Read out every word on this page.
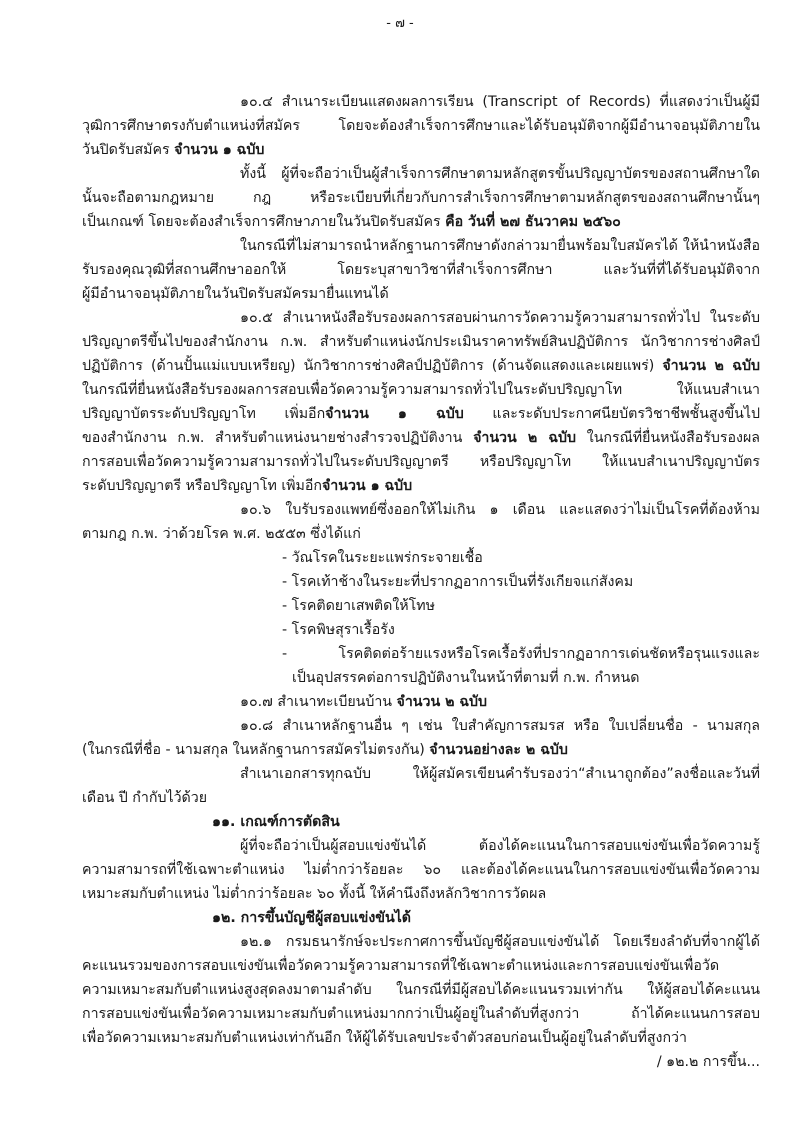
- ๗ -
๑๐.๔ สำเนาระเบียนแสดงผลการเรียน (Transcript of Records) ที่แสดงว่าเป็นผู้มี
วุฒิการศึกษาตรงกับตำแหน่งที่สมัคร โดยจะต้องสำเร็จการศึกษาและได้รับอนุมัติจากผู้มีอำนาจอนุมัติภายใน
วันปิดรับสมัคร จำนวน ๑ ฉบับ
ทั้งนี้ ผู้ที่จะถือว่าเป็นผู้สำเร็จการศึกษาตามหลักสูตรขั้นปริญญาบัตรของสถานศึกษาใด
นั้นจะถือตามกฎหมาย กฎ หรือระเบียบที่เกี่ยวกับการสำเร็จการศึกษาตามหลักสูตรของสถานศึกษานั้นๆ
เป็นเกณฑ์ โดยจะต้องสำเร็จการศึกษาภายในวันปิดรับสมัคร คือ วันที่ ๒๗ ธันวาคม ๒๕๖๐
ในกรณีที่ไม่สามารถนำหลักฐานการศึกษาดังกล่าวมายื่นพร้อมใบสมัครได้ ให้นำหนังสือ
รับรองคุณวุฒิที่สถานศึกษาออกให้ โดยระบุสาขาวิชาที่สำเร็จการศึกษา และวันที่ที่ได้รับอนุมัติจาก
ผู้มีอำนาจอนุมัติภายในวันปิดรับสมัครมายื่นแทนได้
๑๐.๕ สำเนาหนังสือรับรองผลการสอบผ่านการวัดความรู้ความสามารถทั่วไป ในระดับ
ปริญญาตรีขึ้นไปของสำนักงาน ก.พ. สำหรับตำแหน่งนักประเมินราคาทรัพย์สินปฏิบัติการ นักวิชาการช่างศิลป์
ปฏิบัติการ (ด้านปั้นแม่แบบเหรียญ) นักวิชาการช่างศิลป์ปฏิบัติการ (ด้านจัดแสดงและเผยแพร่) จำนวน ๒ ฉบับ
ในกรณีที่ยื่นหนังสือรับรองผลการสอบเพื่อวัดความรู้ความสามารถทั่วไปในระดับปริญญาโท ให้แนบสำเนา
ปริญญาบัตรระดับปริญญาโท เพิ่มอีกจำนวน ๑ ฉบับ และระดับประกาศนียบัตรวิชาชีพชั้นสูงขึ้นไป
ของสำนักงาน ก.พ. สำหรับตำแหน่งนายช่างสำรวจปฏิบัติงาน จำนวน ๒ ฉบับ ในกรณีที่ยื่นหนังสือรับรองผล
การสอบเพื่อวัดความรู้ความสามารถทั่วไปในระดับปริญญาตรี หรือปริญญาโท ให้แนบสำเนาปริญญาบัตร
ระดับปริญญาตรี หรือปริญญาโท เพิ่มอีกจำนวน ๑ ฉบับ
๑๐.๖ ใบรับรองแพทย์ซึ่งออกให้ไม่เกิน ๑ เดือน และแสดงว่าไม่เป็นโรคที่ต้องห้าม
ตามกฎ ก.พ. ว่าด้วยโรค พ.ศ. ๒๕๕๓ ซึ่งได้แก่
- วัณโรคในระยะแพร่กระจายเชื้อ
- โรคเท้าช้างในระยะที่ปรากฏอาการเป็นที่รังเกียจแก่สังคม
- โรคติดยาเสพติดให้โทษ
- โรคพิษสุราเรื้อรัง
- โรคติดต่อร้ายแรงหรือโรคเรื้อรังที่ปรากฏอาการเด่นชัดหรือรุนแรงและ
เป็นอุปสรรคต่อการปฏิบัติงานในหน้าที่ตามที่ ก.พ. กำหนด
๑๐.๗ สำเนาทะเบียนบ้าน จำนวน ๒ ฉบับ
๑๐.๘ สำเนาหลักฐานอื่น ๆ เช่น ใบสำคัญการสมรส หรือ ใบเปลี่ยนชื่อ - นามสกุล
(ในกรณีที่ชื่อ - นามสกุล ในหลักฐานการสมัครไม่ตรงกัน) จำนวนอย่างละ ๒ ฉบับ
สำเนาเอกสารทุกฉบับ ให้ผู้สมัครเขียนคำรับรองว่า“สำเนาถูกต้อง”ลงชื่อและวันที่
เดือน ปี กำกับไว้ด้วย
๑๑. เกณฑ์การตัดสิน
ผู้ที่จะถือว่าเป็นผู้สอบแข่งขันได้ ต้องได้คะแนนในการสอบแข่งขันเพื่อวัดความรู้
ความสามารถที่ใช้เฉพาะตำแหน่ง ไม่ต่ำกว่าร้อยละ ๖๐ และต้องได้คะแนนในการสอบแข่งขันเพื่อวัดความ
เหมาะสมกับตำแหน่ง ไม่ต่ำกว่าร้อยละ ๖๐ ทั้งนี้ ให้คำนึงถึงหลักวิชาการวัดผล
๑๒. การขึ้นบัญชีผู้สอบแข่งขันได้
๑๒.๑ กรมธนารักษ์จะประกาศการขึ้นบัญชีผู้สอบแข่งขันได้ โดยเรียงลำดับที่จากผู้ได้
คะแนนรวมของการสอบแข่งขันเพื่อวัดความรู้ความสามารถที่ใช้เฉพาะตำแหน่งและการสอบแข่งขันเพื่อวัด
ความเหมาะสมกับตำแหน่งสูงสุดลงมาตามลำดับ ในกรณีที่มีผู้สอบได้คะแนนรวมเท่ากัน ให้ผู้สอบได้คะแนน
การสอบแข่งขันเพื่อวัดความเหมาะสมกับตำแหน่งมากกว่าเป็นผู้อยู่ในลำดับที่สูงกว่า ถ้าได้คะแนนการสอบ
เพื่อวัดความเหมาะสมกับตำแหน่งเท่ากันอีก ให้ผู้ได้รับเลขประจำตัวสอบก่อนเป็นผู้อยู่ในลำดับที่สูงกว่า
/ ๑๒.๒ การขึ้น...
